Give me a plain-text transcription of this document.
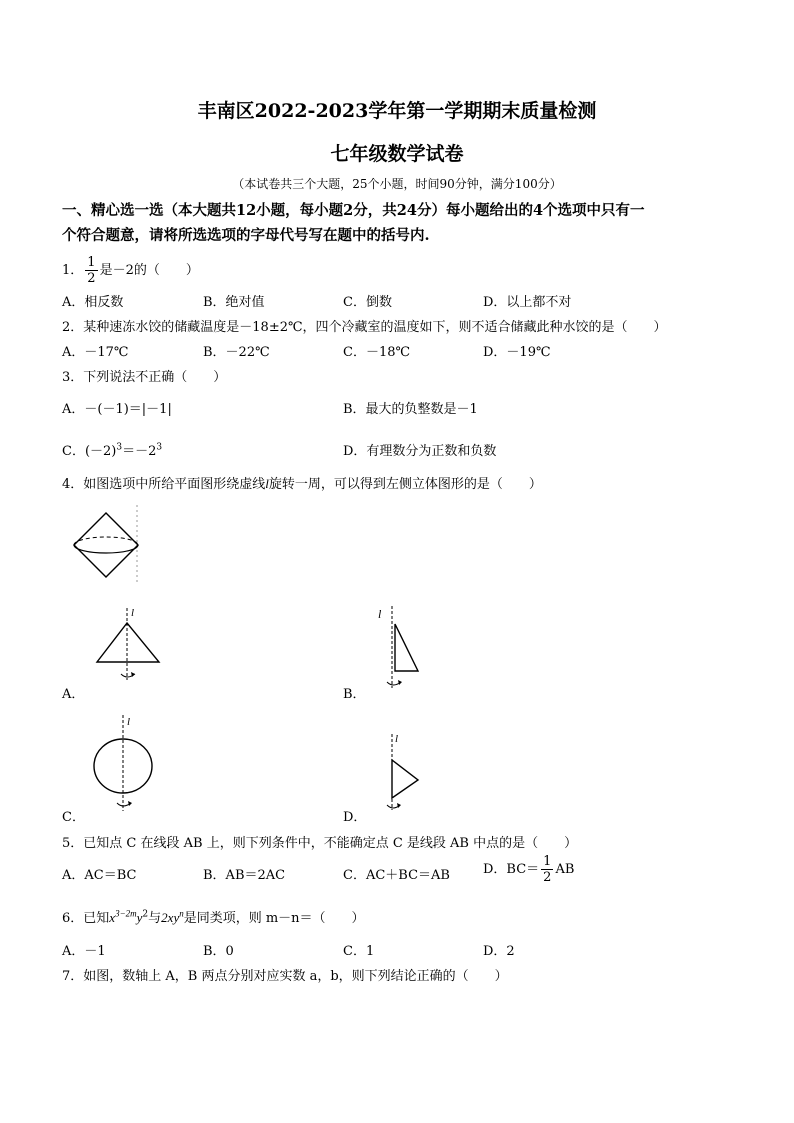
丰南区2022-2023学年第一学期期末质量检测
七年级数学试卷
（本试卷共三个大题，25个小题，时间90分钟，满分100分）
一、精心选一选（本大题共12小题，每小题2分，共24分）每小题给出的4个选项中只有一
个符合题意，请将所选选项的字母代号写在题中的括号内.
1． $\frac{1}{2}$ 是－2的（　　）
A．相反数	B．绝对值	C．倒数	D．以上都不对
2．某种速冻水饺的储藏温度是－18±2℃，四个冷藏室的温度如下，则不适合储藏此种水饺的是（　　）
A．－17℃	B．－22℃	C．－18℃	D．－19℃
3．下列说法不正确（　　）
A．－(－1)＝|－1|	B．最大的负整数是－1
C．$(-2)^3=-2^3$	D．有理数分为正数和负数
4．如图选项中所给平面图形绕虚线l旋转一周，可以得到左侧立体图形的是（　　）
l
A．
l
B．
l
C．
l
D．
5．已知点 C 在线段 AB 上，则下列条件中，不能确定点 C 是线段 AB 中点的是（　　）
A．AC＝BC	B．AB＝2AC	C．AC＋BC＝AB	D．$BC= \frac{1}{2}$ AB
6．已知$x^{3-2m}y^2$与$2xy^n$是同类项，则 m－n＝（　　）
A．－1	B．0	C．1	D．2
7．如图，数轴上 A，B 两点分别对应实数 a，b，则下列结论正确的（　　）
